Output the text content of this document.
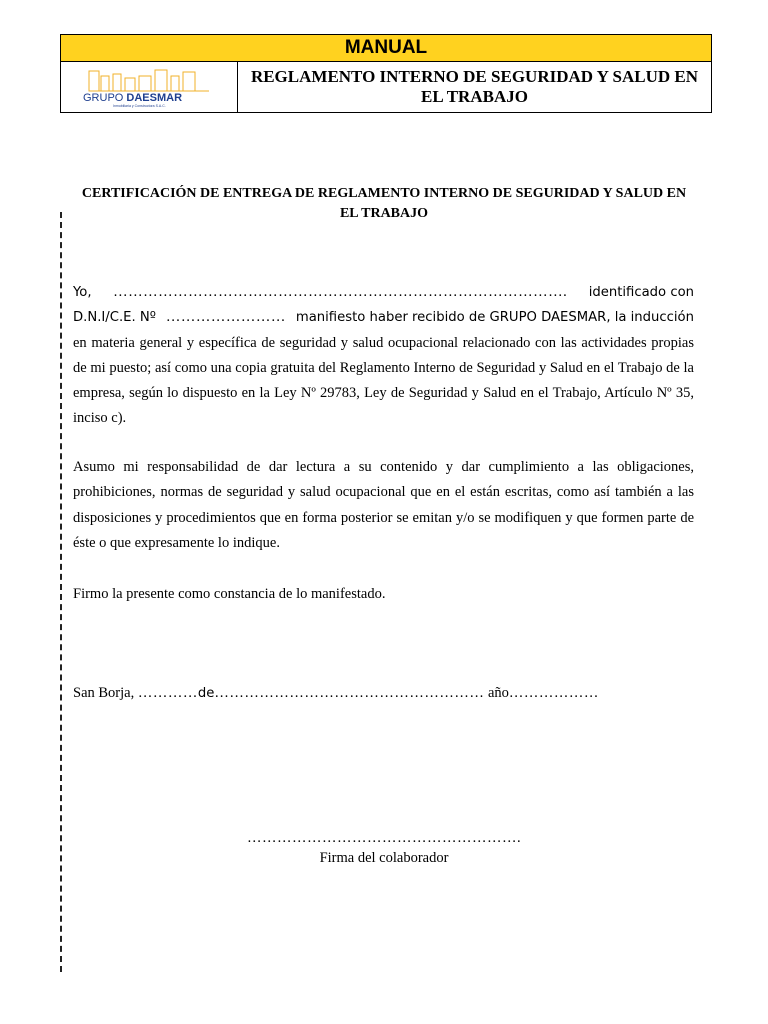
MANUAL
GRUPO DAESMAR
Inmobiliaria y Constructora S.A.C.
REGLAMENTO INTERNO DE SEGURIDAD Y SALUD EN EL TRABAJO
CERTIFICACIÓN DE ENTREGA DE REGLAMENTO INTERNO DE SEGURIDAD Y SALUD EN EL TRABAJO
Yo, ………………………………………………………………………………. identificado con
D.N.I/C.E. Nº …………………… manifiesto haber recibido de GRUPO DAESMAR, la inducción
en materia general y específica de seguridad y salud ocupacional relacionado con las actividades propias de mi puesto; así como una copia gratuita del Reglamento Interno de Seguridad y Salud en el Trabajo de la empresa, según lo dispuesto en la Ley Nº 29783, Ley de Seguridad y Salud en el Trabajo, Artículo Nº 35, inciso c).
Asumo mi responsabilidad de dar lectura a su contenido y dar cumplimiento a las obligaciones, prohibiciones, normas de seguridad y salud ocupacional que en el están escritas, como así también a las disposiciones y procedimientos que en forma posterior se emitan y/o se modifiquen y que formen parte de éste o que expresamente lo indique.
Firmo la presente como constancia de lo manifestado.
San Borja, …………de……………………………………………… año………………
……………………………………………….
Firma del colaborador
